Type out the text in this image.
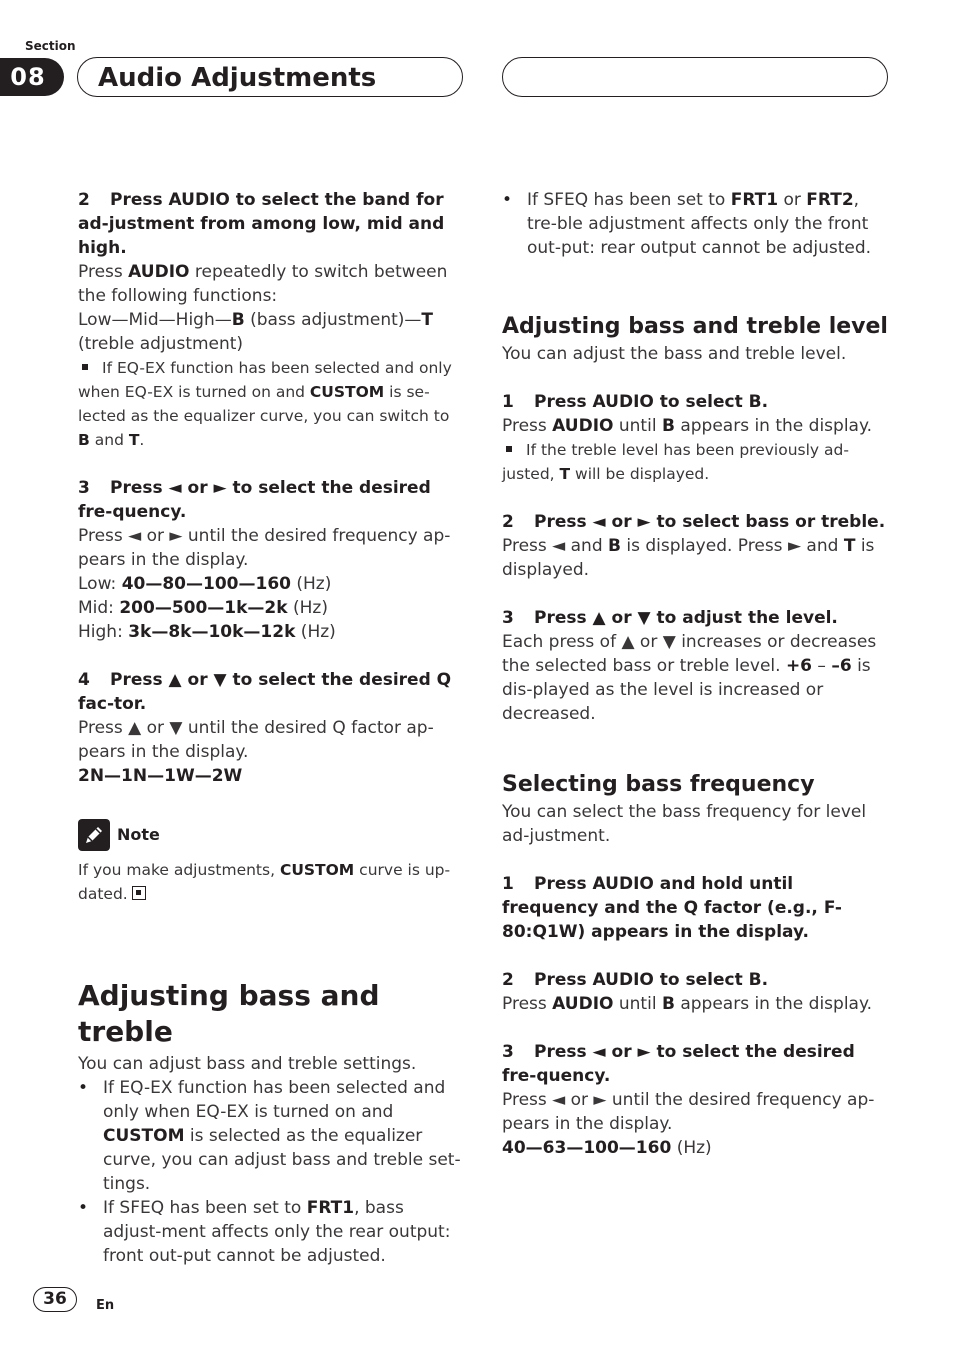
Section
08	Audio Adjustments

2 Press AUDIO to select the band for ad-justment from among low, mid and high.

Press AUDIO repeatedly to switch between the following functions:

Low—Mid—High—B (bass adjustment)—T

(treble adjustment)

If EQ-EX function has been selected and only when EQ-EX is turned on and CUSTOM is se-lected as the equalizer curve, you can switch to B and T.

3 Press ◄ or ► to select the desired fre-quency.

Press ◄ or ► until the desired frequency ap-pears in the display.

Low: 40—80—100—160 (Hz)

Mid: 200—500—1k—2k (Hz)

High: 3k—8k—10k—12k (Hz)

4 Press ▲ or ▼ to select the desired Q fac-tor.

Press ▲ or ▼ until the desired Q factor ap-pears in the display.

2N—1N—1W—2W

Note

If you make adjustments, CUSTOM curve is up-dated.

Adjusting bass and treble

You can adjust bass and treble settings.

• If EQ-EX function has been selected and only when EQ-EX is turned on and CUSTOM is selected as the equalizer curve, you can adjust bass and treble set-tings.

• If SFEQ has been set to FRT1, bass adjust-ment affects only the rear output: front out-put cannot be adjusted.

• If SFEQ has been set to FRT1 or FRT2, tre-ble adjustment affects only the front out-put: rear output cannot be adjusted.

Adjusting bass and treble level

You can adjust the bass and treble level.

1 Press AUDIO to select B.

Press AUDIO until B appears in the display.

If the treble level has been previously ad-justed, T will be displayed.

2 Press ◄ or ► to select bass or treble.

Press ◄ and B is displayed. Press ► and T is displayed.

3 Press ▲ or ▼ to adjust the level.

Each press of ▲ or ▼ increases or decreases the selected bass or treble level. +6 – –6 is dis-played as the level is increased or decreased.

Selecting bass frequency

You can select the bass frequency for level ad-justment.

1 Press AUDIO and hold until frequency and the Q factor (e.g., F- 80:Q1W) appears in the display.

2 Press AUDIO to select B.

Press AUDIO until B appears in the display.

3 Press ◄ or ► to select the desired fre-quency.

Press ◄ or ► until the desired frequency ap-pears in the display.

40—63—100—160 (Hz)

36	En
